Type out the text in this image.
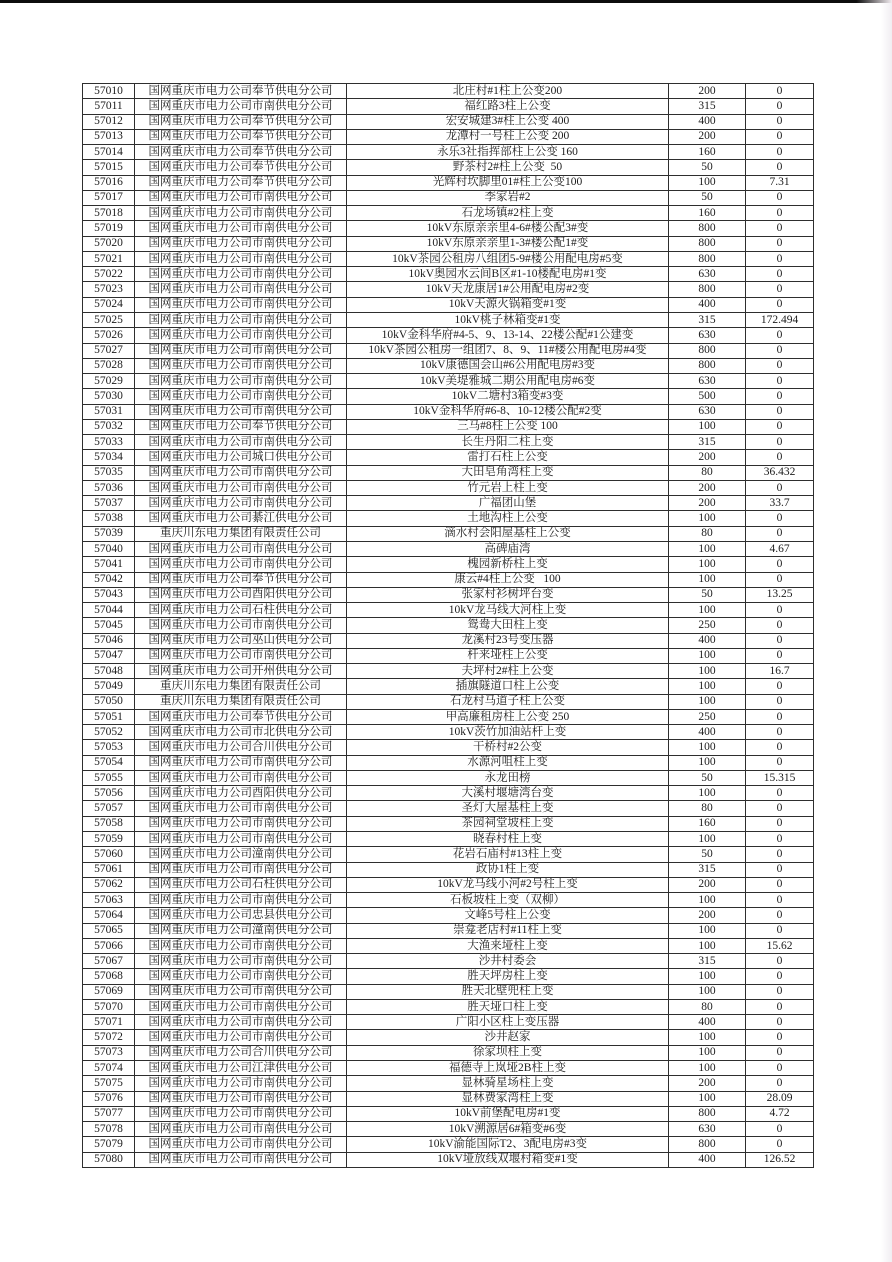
57010	国网重庆市电力公司奉节供电分公司	北庄村#1柱上公变200	200	0
57011	国网重庆市电力公司市南供电分公司	福红路3柱上公变	315	0
57012	国网重庆市电力公司奉节供电分公司	宏安城建3#柱上公变 400	400	0
57013	国网重庆市电力公司奉节供电分公司	龙潭村一号柱上公变 200	200	0
57014	国网重庆市电力公司奉节供电分公司	永乐3社指挥部柱上公变 160	160	0
57015	国网重庆市电力公司奉节供电分公司	野茶村2#柱上公变  50	50	0
57016	国网重庆市电力公司奉节供电分公司	光辉村坎脚里01#柱上公变100	100	7.31
57017	国网重庆市电力公司市南供电分公司	李家岩#2	50	0
57018	国网重庆市电力公司市南供电分公司	石龙场镇#2柱上变	160	0
57019	国网重庆市电力公司市南供电分公司	10kV东原亲亲里4-6#楼公配3#变	800	0
57020	国网重庆市电力公司市南供电分公司	10kV东原亲亲里1-3#楼公配1#变	800	0
57021	国网重庆市电力公司市南供电分公司	10kV茶园公租房八组团5-9#楼公用配电房#5变	800	0
57022	国网重庆市电力公司市南供电分公司	10kV奥园水云间B区#1-10楼配电房#1变	630	0
57023	国网重庆市电力公司市南供电分公司	10kV天龙康居1#公用配电房#2变	800	0
57024	国网重庆市电力公司市南供电分公司	10kV天源火锅箱变#1变	400	0
57025	国网重庆市电力公司市南供电分公司	10kV桃子林箱变#1变	315	172.494
57026	国网重庆市电力公司市南供电分公司	10kV金科华府#4-5、9、13-14、22楼公配#1公建变	630	0
57027	国网重庆市电力公司市南供电分公司	10kV茶园公租房一组团7、8、9、11#楼公用配电房#4变	800	0
57028	国网重庆市电力公司市南供电分公司	10kV康德国会山#6公用配电房#3变	800	0
57029	国网重庆市电力公司市南供电分公司	10kV美堤雅城二期公用配电房#6变	630	0
57030	国网重庆市电力公司市南供电分公司	10kV二塘村3箱变#3变	500	0
57031	国网重庆市电力公司市南供电分公司	10kV金科华府#6-8、10-12楼公配#2变	630	0
57032	国网重庆市电力公司奉节供电分公司	三马#8柱上公变 100	100	0
57033	国网重庆市电力公司市南供电分公司	长生丹阳二柱上变	315	0
57034	国网重庆市电力公司城口供电分公司	雷打石柱上公变	200	0
57035	国网重庆市电力公司市南供电分公司	大田皂角湾柱上变	80	36.432
57036	国网重庆市电力公司市南供电分公司	竹元岩上柱上变	200	0
57037	国网重庆市电力公司市南供电分公司	广福团山堡	200	33.7
57038	国网重庆市电力公司綦江供电分公司	土地沟柱上公变	100	0
57039	重庆川东电力集团有限责任公司	滴水村会阳屋基柱上公变	80	0
57040	国网重庆市电力公司市南供电分公司	高碑庙湾	100	4.67
57041	国网重庆市电力公司市南供电分公司	槐园新桥柱上变	100	0
57042	国网重庆市电力公司奉节供电分公司	康云#4柱上公变   100	100	0
57043	国网重庆市电力公司酉阳供电分公司	张家村衫树坪台变	50	13.25
57044	国网重庆市电力公司石柱供电分公司	10kV龙马线大河柱上变	100	0
57045	国网重庆市电力公司市南供电分公司	鸳鸯大田柱上变	250	0
57046	国网重庆市电力公司巫山供电分公司	龙溪村23号变压器	400	0
57047	国网重庆市电力公司市南供电分公司	杆来垭柱上公变	100	0
57048	国网重庆市电力公司开州供电分公司	夫坪村2#柱上公变	100	16.7
57049	重庆川东电力集团有限责任公司	插旗隧道口柱上公变	100	0
57050	重庆川东电力集团有限责任公司	石龙村马道子柱上公变	100	0
57051	国网重庆市电力公司奉节供电分公司	甲高廉租房柱上公变 250	250	0
57052	国网重庆市电力公司市北供电分公司	10kV茨竹加油站杆上变	400	0
57053	国网重庆市电力公司合川供电分公司	干桥村#2公变	100	0
57054	国网重庆市电力公司市南供电分公司	水源河咀柱上变	100	0
57055	国网重庆市电力公司市南供电分公司	永龙田榜	50	15.315
57056	国网重庆市电力公司酉阳供电分公司	大溪村堰塘湾台变	100	0
57057	国网重庆市电力公司市南供电分公司	圣灯大屋基柱上变	80	0
57058	国网重庆市电力公司市南供电分公司	茶园祠堂坡柱上变	160	0
57059	国网重庆市电力公司市南供电分公司	晓春村柱上变	100	0
57060	国网重庆市电力公司潼南供电分公司	花岩石庙村#13柱上变	50	0
57061	国网重庆市电力公司市南供电分公司	政协1柱上变	315	0
57062	国网重庆市电力公司石柱供电分公司	10kV龙马线小河#2号柱上变	200	0
57063	国网重庆市电力公司市南供电分公司	石板坡柱上变（双柳）	100	0
57064	国网重庆市电力公司忠县供电分公司	文峰5号柱上公变	200	0
57065	国网重庆市电力公司潼南供电分公司	崇龛老店村#11柱上变	100	0
57066	国网重庆市电力公司市南供电分公司	大渔来垭柱上变	100	15.62
57067	国网重庆市电力公司市南供电分公司	沙井村委会	315	0
57068	国网重庆市电力公司市南供电分公司	胜天坪房柱上变	100	0
57069	国网重庆市电力公司市南供电分公司	胜天北壁兜柱上变	100	0
57070	国网重庆市电力公司市南供电分公司	胜天垭口柱上变	80	0
57071	国网重庆市电力公司市南供电分公司	广阳小区柱上变压器	400	0
57072	国网重庆市电力公司市南供电分公司	沙井赵家	100	0
57073	国网重庆市电力公司合川供电分公司	徐家坝柱上变	100	0
57074	国网重庆市电力公司江津供电分公司	福德寺上岚垭2B柱上变	100	0
57075	国网重庆市电力公司市南供电分公司	显林骑星场柱上变	200	0
57076	国网重庆市电力公司市南供电分公司	显林费家湾柱上变	100	28.09
57077	国网重庆市电力公司市南供电分公司	10kV前堡配电房#1变	800	4.72
57078	国网重庆市电力公司市南供电分公司	10kV溯源居6#箱变#6变	630	0
57079	国网重庆市电力公司市南供电分公司	10kV渝能国际T2、3配电房#3变	800	0
57080	国网重庆市电力公司市南供电分公司	10kV垭放线双堰村箱变#1变	400	126.52
